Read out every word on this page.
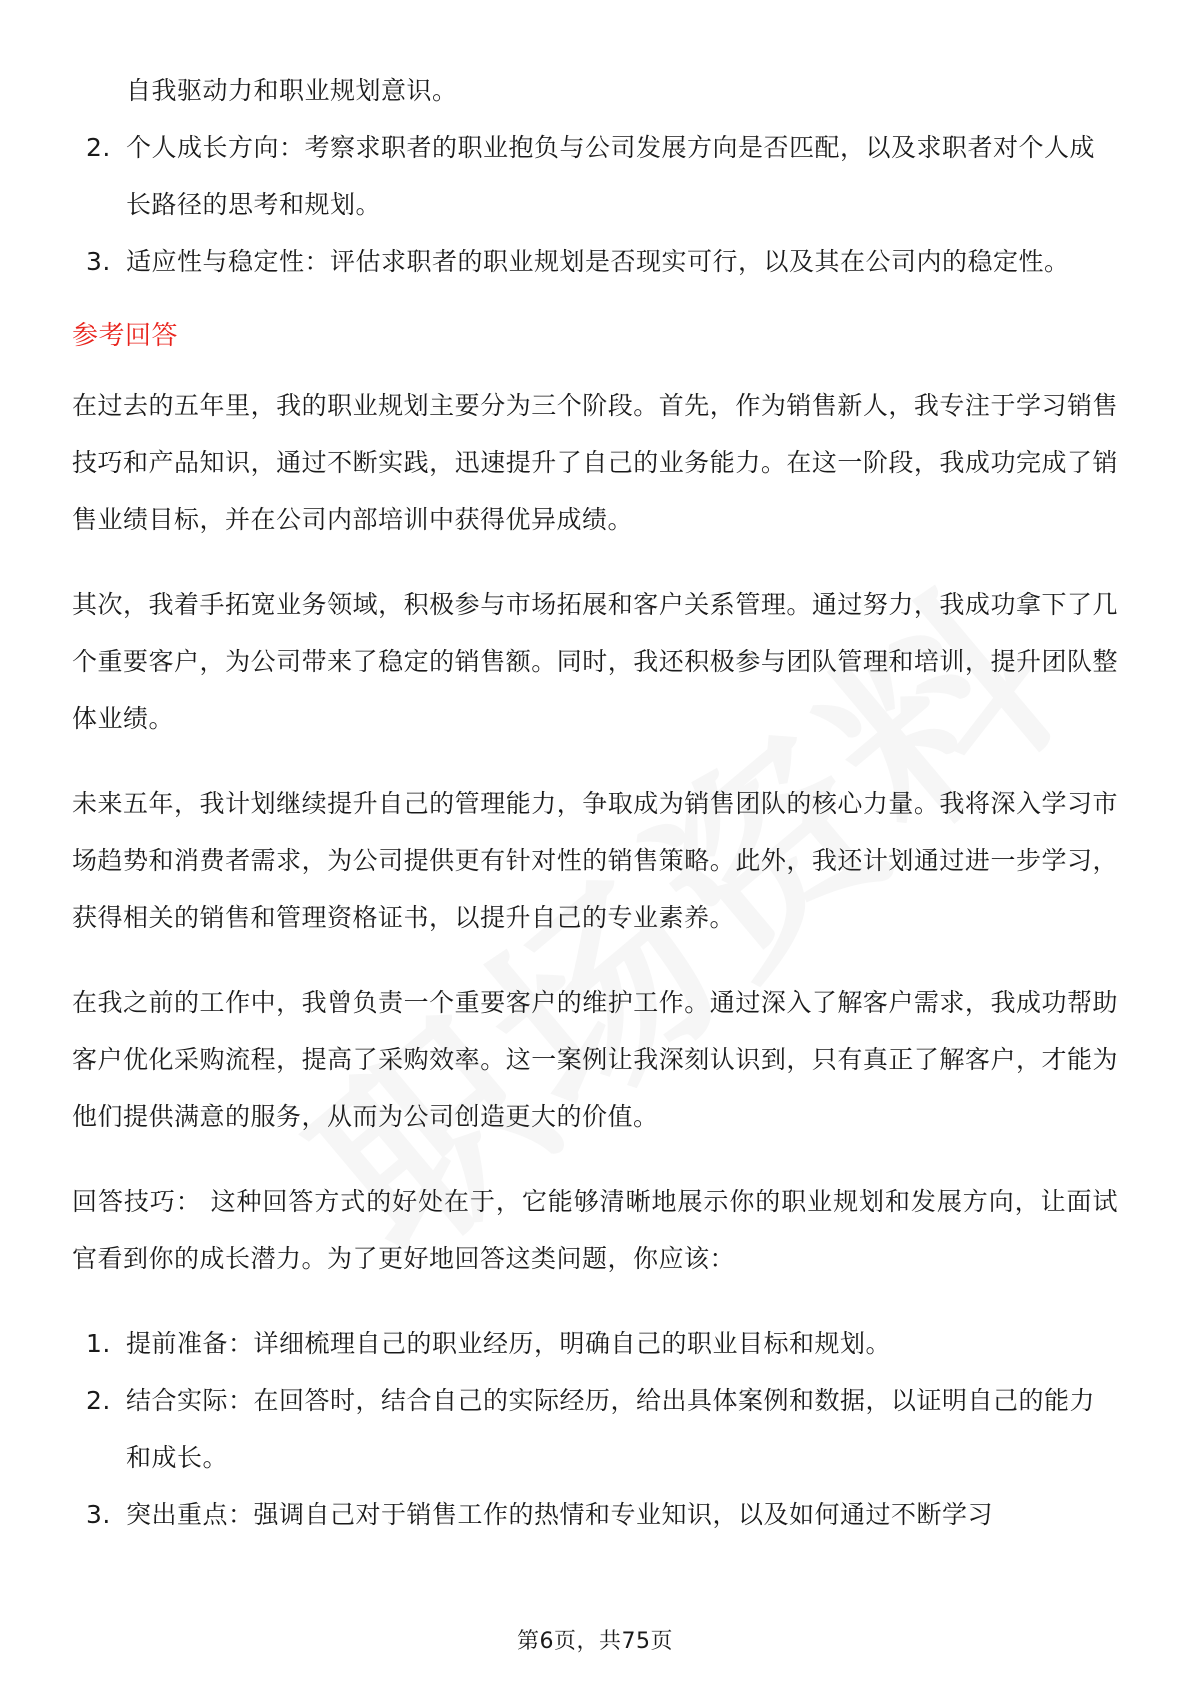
自我驱动力和职业规划意识。
2. 个人成长方向：考察求职者的职业抱负与公司发展方向是否匹配，以及求职者对个人成长路径的思考和规划。
3. 适应性与稳定性：评估求职者的职业规划是否现实可行，以及其在公司内的稳定性。
参考回答

在过去的五年里，我的职业规划主要分为三个阶段。首先，作为销售新人，我专注于学习销售技巧和产品知识，通过不断实践，迅速提升了自己的业务能力。在这一阶段，我成功完成了销售业绩目标，并在公司内部培训中获得优异成绩。

其次，我着手拓宽业务领域，积极参与市场拓展和客户关系管理。通过努力，我成功拿下了几个重要客户，为公司带来了稳定的销售额。同时，我还积极参与团队管理和培训，提升团队整体业绩。

未来五年，我计划继续提升自己的管理能力，争取成为销售团队的核心力量。我将深入学习市场趋势和消费者需求，为公司提供更有针对性的销售策略。此外，我还计划通过进一步学习，获得相关的销售和管理资格证书，以提升自己的专业素养。

在我之前的工作中，我曾负责一个重要客户的维护工作。通过深入了解客户需求，我成功帮助客户优化采购流程，提高了采购效率。这一案例让我深刻认识到，只有真正了解客户，才能为他们提供满意的服务，从而为公司创造更大的价值。

回答技巧： 这种回答方式的好处在于，它能够清晰地展示你的职业规划和发展方向，让面试官看到你的成长潜力。为了更好地回答这类问题，你应该：

1. 提前准备：详细梳理自己的职业经历，明确自己的职业目标和规划。
2. 结合实际：在回答时，结合自己的实际经历，给出具体案例和数据，以证明自己的能力和成长。
3. 突出重点：强调自己对于销售工作的热情和专业知识，以及如何通过不断学习
第6页，共75页
